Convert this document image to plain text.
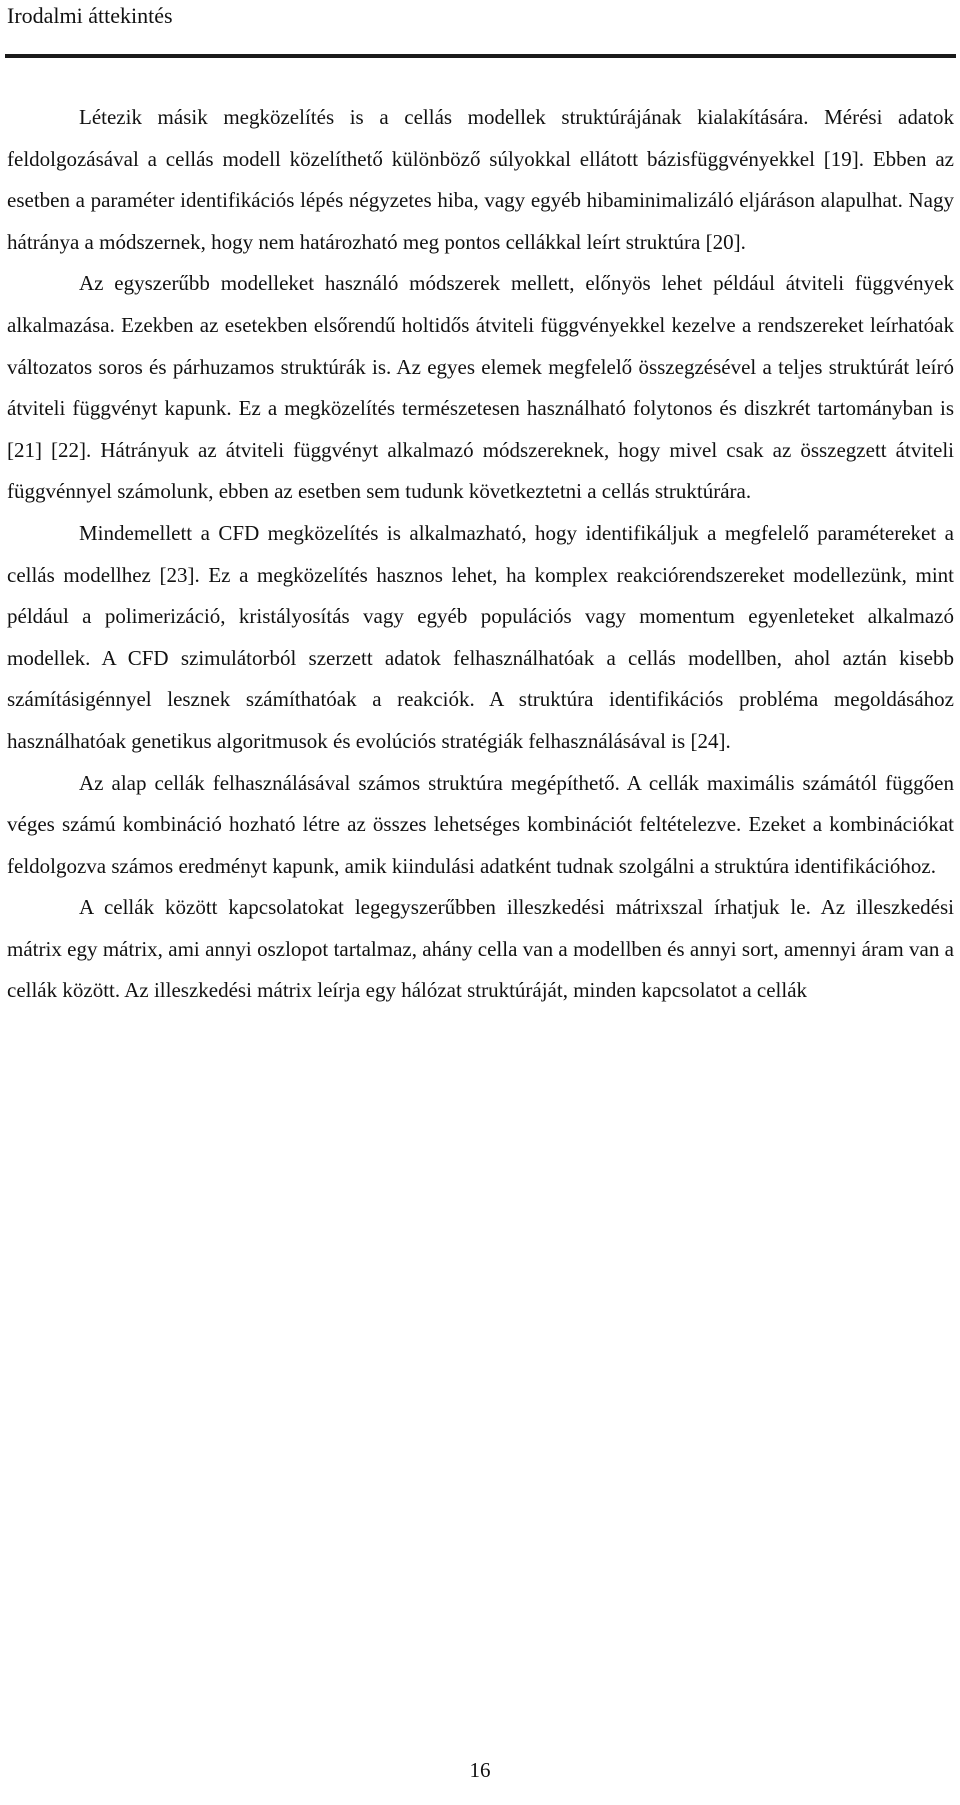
Irodalmi áttekintés

Létezik másik megközelítés is a cellás modellek struktúrájának kialakítására. Mérési adatok feldolgozásával a cellás modell közelíthető különböző súlyokkal ellátott bázisfüggvényekkel [19]. Ebben az esetben a paraméter identifikációs lépés négyzetes hiba, vagy egyéb hibaminimalizáló eljáráson alapulhat. Nagy hátránya a módszernek, hogy nem határozható meg pontos cellákkal leírt struktúra [20].

Az egyszerűbb modelleket használó módszerek mellett, előnyös lehet például átviteli függvények alkalmazása. Ezekben az esetekben elsőrendű holtidős átviteli függvényekkel kezelve a rendszereket leírhatóak változatos soros és párhuzamos struktúrák is. Az egyes elemek megfelelő összegzésével a teljes struktúrát leíró átviteli függvényt kapunk. Ez a megközelítés természetesen használható folytonos és diszkrét tartományban is [21] [22]. Hátrányuk az átviteli függvényt alkalmazó módszereknek, hogy mivel csak az összegzett átviteli függvénnyel számolunk, ebben az esetben sem tudunk következtetni a cellás struktúrára.

Mindemellett a CFD megközelítés is alkalmazható, hogy identifikáljuk a megfelelő paramétereket a cellás modellhez [23]. Ez a megközelítés hasznos lehet, ha komplex reakciórendszereket modellezünk, mint például a polimerizáció, kristályosítás vagy egyéb populációs vagy momentum egyenleteket alkalmazó modellek. A CFD szimulátorból szerzett adatok felhasználhatóak a cellás modellben, ahol aztán kisebb számításigénnyel lesznek számíthatóak a reakciók. A struktúra identifikációs probléma megoldásához használhatóak genetikus algoritmusok és evolúciós stratégiák felhasználásával is [24].

Az alap cellák felhasználásával számos struktúra megépíthető. A cellák maximális számától függően véges számú kombináció hozható létre az összes lehetséges kombinációt feltételezve. Ezeket a kombinációkat feldolgozva számos eredményt kapunk, amik kiindulási adatként tudnak szolgálni a struktúra identifikációhoz.

A cellák között kapcsolatokat legegyszerűbben illeszkedési mátrixszal írhatjuk le. Az illeszkedési mátrix egy mátrix, ami annyi oszlopot tartalmaz, ahány cella van a modellben és annyi sort, amennyi áram van a cellák között. Az illeszkedési mátrix leírja egy hálózat struktúráját, minden kapcsolatot a cellák

16
